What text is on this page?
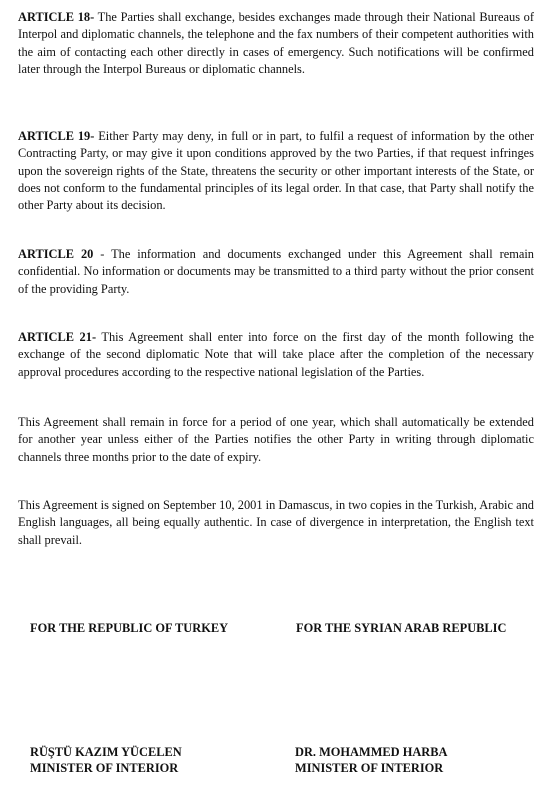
ARTICLE 18- The Parties shall exchange, besides exchanges made through their National Bureaus of Interpol and diplomatic channels, the telephone and the fax numbers of their competent authorities with the aim of contacting each other directly in cases of emergency. Such notifications will be confirmed later through the Interpol Bureaus or diplomatic channels.

ARTICLE 19- Either Party may deny, in full or in part, to fulfil a request of information by the other Contracting Party, or may give it upon conditions approved by the two Parties, if that request infringes upon the sovereign rights of the State, threatens the security or other important interests of the State, or does not conform to the fundamental principles of its legal order. In that case, that Party shall notify the other Party about its decision.

ARTICLE 20 - The information and documents exchanged under this Agreement shall remain confidential. No information or documents may be transmitted to a third party without the prior consent of the providing Party.

ARTICLE 21- This Agreement shall enter into force on the first day of the month following the exchange of the second diplomatic Note that will take place after the completion of the necessary approval procedures according to the respective national legislation of the Parties.

This Agreement shall remain in force for a period of one year, which shall automatically be extended for another year unless either of the Parties notifies the other Party in writing through diplomatic channels three months prior to the date of expiry.

This Agreement is signed on September 10, 2001 in Damascus, in two copies in the Turkish, Arabic and English languages, all being equally authentic. In case of divergence in interpretation, the English text shall prevail.

FOR THE REPUBLIC OF TURKEY	FOR THE SYRIAN ARAB REPUBLIC
RÜŞTÜ KAZIM YÜCELEN
MINISTER OF INTERIOR
DR. MOHAMMED HARBA
MINISTER OF INTERIOR
